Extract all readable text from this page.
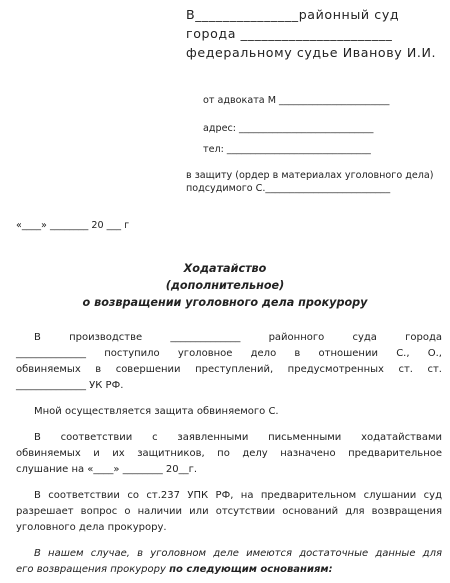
В_______________районный суд
города ______________________
федеральному судье Иванову И.И.
от адвоката М _______________________
адрес: ____________________________
тел: ______________________________
в защиту (ордер в материалах уголовного дела)
подсудимого С.__________________________
«____» ________ 20 ___ г
Ходатайство
(дополнительное)
о возвращении уголовного дела прокурору
В производстве ______________ районного суда города
______________ поступило уголовное дело в отношении С., О.,
обвиняемых в совершении преступлений, предусмотренных ст. ст.
______________ УК РФ.
Мной осуществляется защита обвиняемого С.
В соответствии с заявленными письменными ходатайствами
обвиняемых и их защитников, по делу назначено предварительное
слушание на «____» ________ 20__г.
В соответствии со ст.237 УПК РФ, на предварительном слушании суд
разрешает вопрос о наличии или отсутствии оснований для возвращения
уголовного дела прокурору.
В нашем случае, в уголовном деле имеются достаточные данные для
его возвращения прокурору по следующим основаниям:
